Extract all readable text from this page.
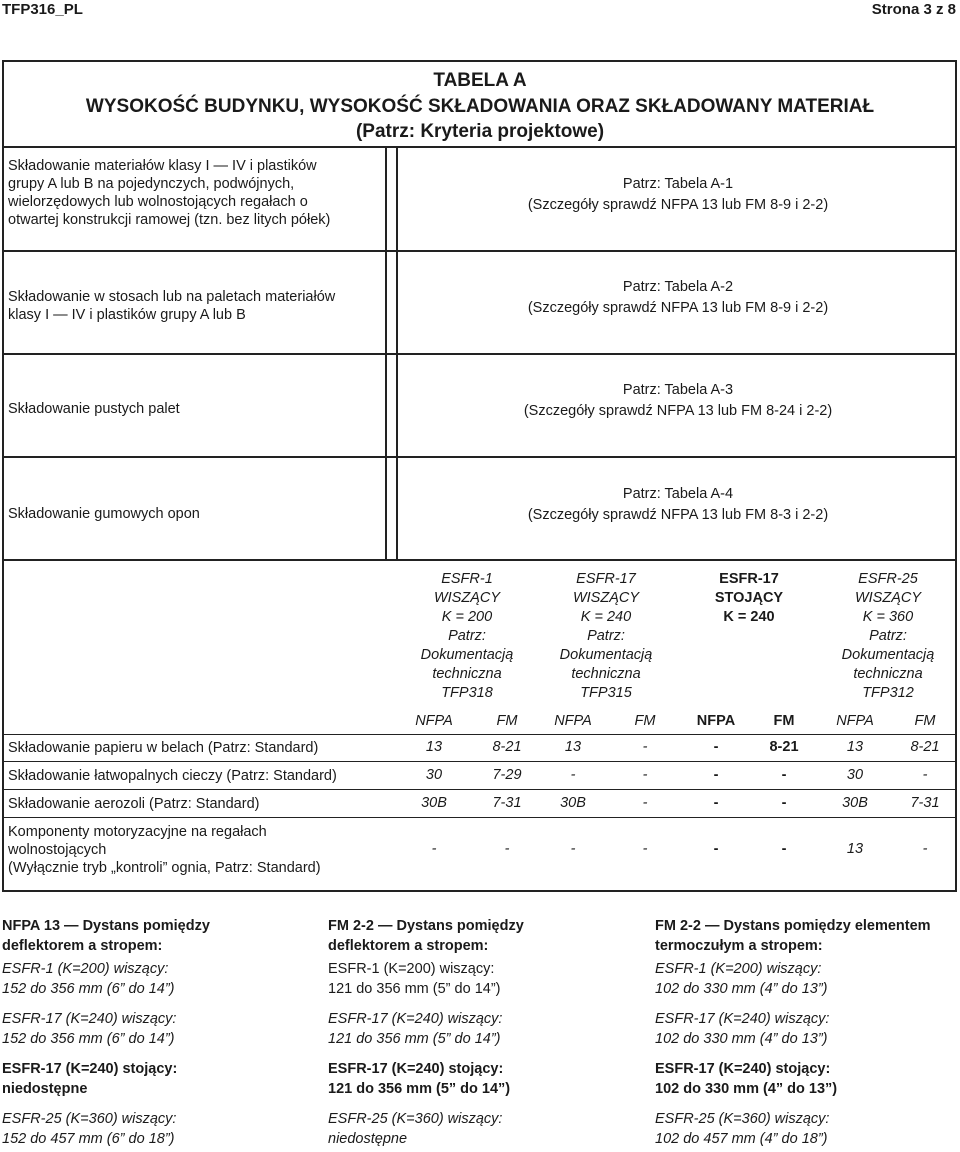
TFP316_PL	Strona 3 z 8
TABELA A
WYSOKOŚĆ BUDYNKU, WYSOKOŚĆ SKŁADOWANIA ORAZ SKŁADOWANY MATERIAŁ
(Patrz: Kryteria projektowe)
Składowanie materiałów klasy I — IV i plastików
grupy A lub B na pojedynczych, podwójnych,
wielorzędowych lub wolnostojących regałach o
otwartej konstrukcji ramowej (tzn. bez litych półek)
Patrz: Tabela A-1
(Szczegóły sprawdź NFPA 13 lub FM 8-9 i 2-2)
Składowanie w stosach lub na paletach materiałów
klasy I — IV i plastików grupy A lub B
Patrz: Tabela A-2
(Szczegóły sprawdź NFPA 13 lub FM 8-9 i 2-2)
Składowanie pustych palet
Patrz: Tabela A-3
(Szczegóły sprawdź NFPA 13 lub FM 8-24 i 2-2)
Składowanie gumowych opon
Patrz: Tabela A-4
(Szczegóły sprawdź NFPA 13 lub FM 8-3 i 2-2)
ESFR-1
WISZĄCY
K = 200
Patrz:
Dokumentacją
techniczna
TFP318
ESFR-17
WISZĄCY
K = 240
Patrz:
Dokumentacją
techniczna
TFP315
ESFR-17
STOJĄCY
K = 240
ESFR-25
WISZĄCY
K = 360
Patrz:
Dokumentacją
techniczna
TFP312
NFPA	FM	NFPA	FM	NFPA	FM	NFPA	FM
Składowanie papieru w belach (Patrz: Standard)	13	8-21	13	-	-	8-21	13	8-21
Składowanie łatwopalnych cieczy (Patrz: Standard)	30	7-29	-	-	-	-	30	-
Składowanie aerozoli (Patrz: Standard)	30B	7-31	30B	-	-	-	30B	7-31
Komponenty motoryzacyjne na regałach
wolnostojących
(Wyłącznie tryb „kontroli” ognia, Patrz: Standard)
-	-	-	-	-	-	13	-
NFPA 13 — Dystans pomiędzy
deflektorem a stropem:
ESFR-1 (K=200) wiszący:
152 do 356 mm (6” do 14”)
ESFR-17 (K=240) wiszący:
152 do 356 mm (6” do 14”)
ESFR-17 (K=240) stojący:
niedostępne
ESFR-25 (K=360) wiszący:
152 do 457 mm (6” do 18”)
FM 2-2 — Dystans pomiędzy
deflektorem a stropem:
ESFR-1 (K=200) wiszący:
121 do 356 mm (5” do 14”)
ESFR-17 (K=240) wiszący:
121 do 356 mm (5” do 14”)
ESFR-17 (K=240) stojący:
121 do 356 mm (5” do 14”)
ESFR-25 (K=360) wiszący:
niedostępne
FM 2-2 — Dystans pomiędzy elementem
termoczułym a stropem:
ESFR-1 (K=200) wiszący:
102 do 330 mm (4” do 13”)
ESFR-17 (K=240) wiszący:
102 do 330 mm (4” do 13”)
ESFR-17 (K=240) stojący:
102 do 330 mm (4” do 13”)
ESFR-25 (K=360) wiszący:
102 do 457 mm (4” do 18”)
